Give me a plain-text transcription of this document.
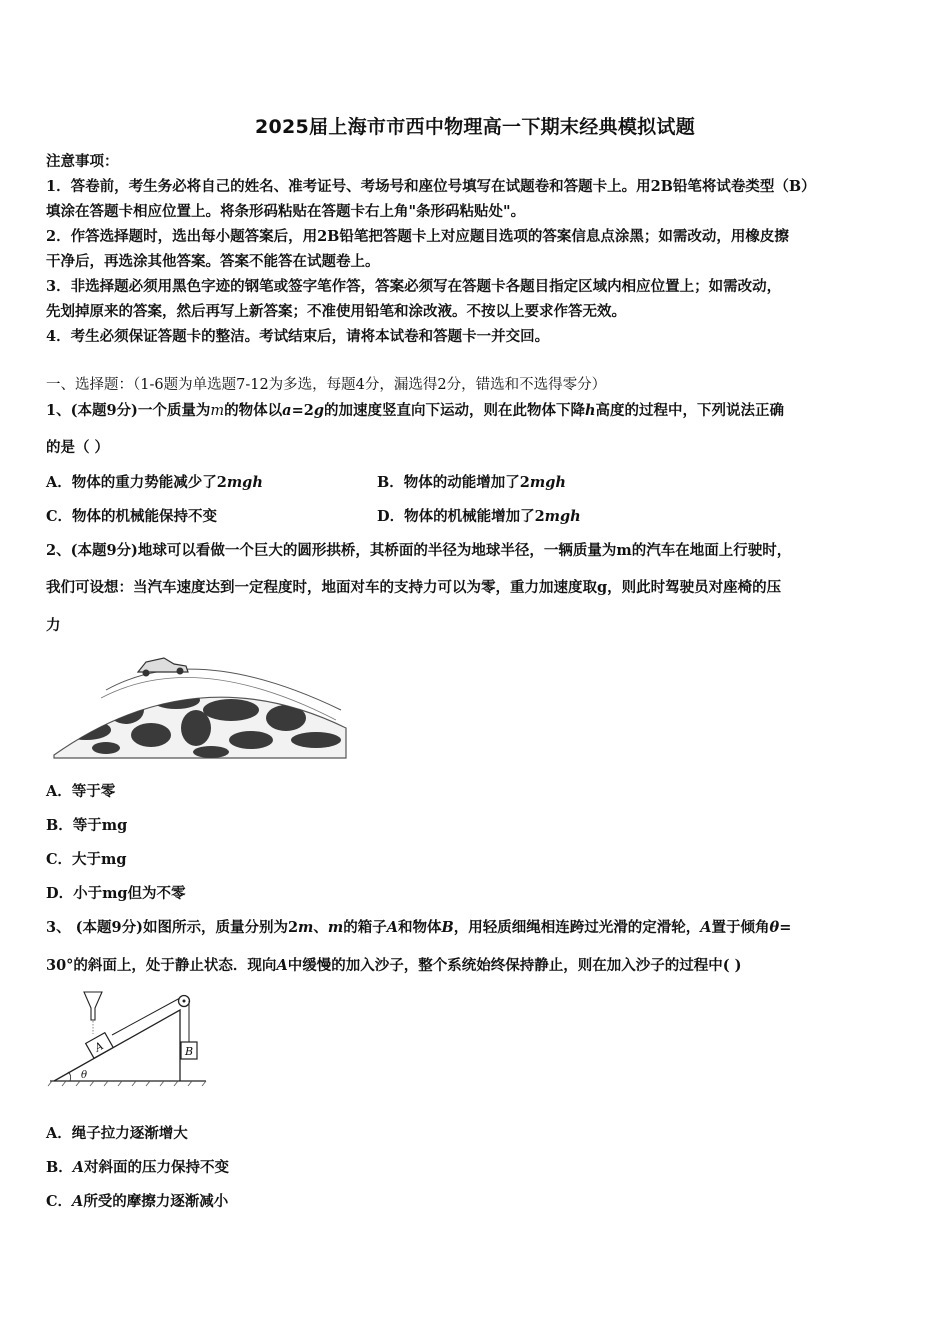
2025届上海市市西中物理高一下期末经典模拟试题
注意事项：
1．答卷前，考生务必将自己的姓名、准考证号、考场号和座位号填写在试题卷和答题卡上。用2B铅笔将试卷类型（B）
填涂在答题卡相应位置上。将条形码粘贴在答题卡右上角"条形码粘贴处"。
2．作答选择题时，选出每小题答案后，用2B铅笔把答题卡上对应题目选项的答案信息点涂黑；如需改动，用橡皮擦
干净后，再选涂其他答案。答案不能答在试题卷上。
3．非选择题必须用黑色字迹的钢笔或签字笔作答，答案必须写在答题卡各题目指定区域内相应位置上；如需改动，
先划掉原来的答案，然后再写上新答案；不准使用铅笔和涂改液。不按以上要求作答无效。
4．考生必须保证答题卡的整洁。考试结束后，请将本试卷和答题卡一并交回。
一、选择题：（1-6题为单选题7-12为多选，每题4分，漏选得2分，错选和不选得零分）
1、(本题9分)一个质量为m的物体以a=2g的加速度竖直向下运动，则在此物体下降h高度的过程中，下列说法正确
的是（ ）
A．物体的重力势能减少了2mgh	B．物体的动能增加了2mgh
C．物体的机械能保持不变	D．物体的机械能增加了2mgh
2、(本题9分)地球可以看做一个巨大的圆形拱桥，其桥面的半径为地球半径，一辆质量为m的汽车在地面上行驶时，
我们可设想：当汽车速度达到一定程度时，地面对车的支持力可以为零，重力加速度取g，则此时驾驶员对座椅的压
力
A．等于零
B．等于mg
C．大于mg
D．小于mg但为不零
3、 (本题9分)如图所示，质量分别为2m、m的箱子A和物体B，用轻质细绳相连跨过光滑的定滑轮，A置于倾角θ=
30°的斜面上，处于静止状态．现向A中缓慢的加入沙子，整个系统始终保持静止，则在加入沙子的过程中( )
θ
A	B
A．绳子拉力逐渐增大
B．A对斜面的压力保持不变
C．A所受的摩擦力逐渐减小
